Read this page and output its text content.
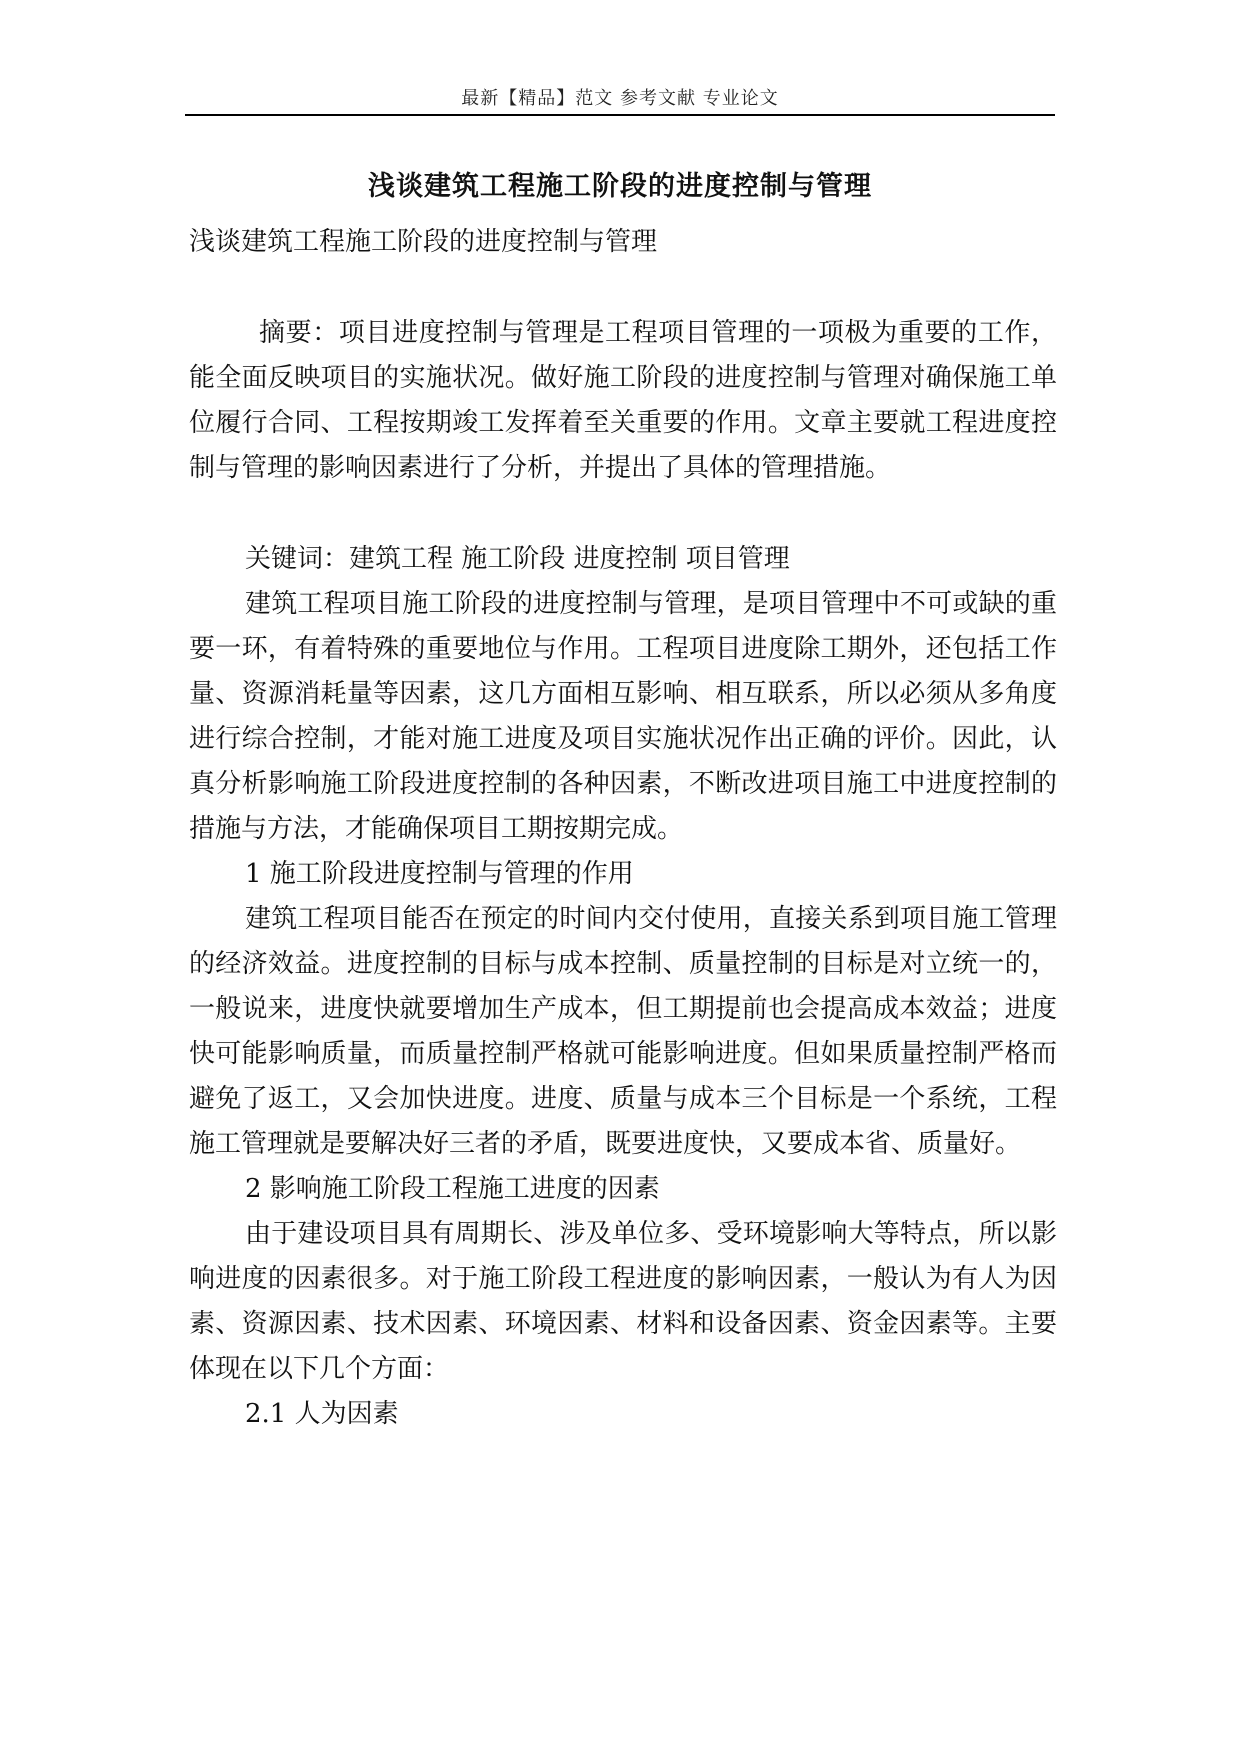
最新【精品】范文 参考文献 专业论文
浅谈建筑工程施工阶段的进度控制与管理

浅谈建筑工程施工阶段的进度控制与管理

摘要：项目进度控制与管理是工程项目管理的一项极为重要的工作，能全面反映项目的实施状况。做好施工阶段的进度控制与管理对确保施工单位履行合同、工程按期竣工发挥着至关重要的作用。文章主要就工程进度控制与管理的影响因素进行了分析，并提出了具体的管理措施。

关键词：建筑工程 施工阶段 进度控制 项目管理

建筑工程项目施工阶段的进度控制与管理，是项目管理中不可或缺的重要一环，有着特殊的重要地位与作用。工程项目进度除工期外，还包括工作量、资源消耗量等因素，这几方面相互影响、相互联系，所以必须从多角度进行综合控制，才能对施工进度及项目实施状况作出正确的评价。因此，认真分析影响施工阶段进度控制的各种因素，不断改进项目施工中进度控制的措施与方法，才能确保项目工期按期完成。

1 施工阶段进度控制与管理的作用

建筑工程项目能否在预定的时间内交付使用，直接关系到项目施工管理的经济效益。进度控制的目标与成本控制、质量控制的目标是对立统一的，一般说来，进度快就要增加生产成本，但工期提前也会提高成本效益；进度快可能影响质量，而质量控制严格就可能影响进度。但如果质量控制严格而避免了返工，又会加快进度。进度、质量与成本三个目标是一个系统，工程施工管理就是要解决好三者的矛盾，既要进度快，又要成本省、质量好。

2 影响施工阶段工程施工进度的因素

由于建设项目具有周期长、涉及单位多、受环境影响大等特点，所以影响进度的因素很多。对于施工阶段工程进度的影响因素，一般认为有人为因素、资源因素、技术因素、环境因素、材料和设备因素、资金因素等。主要体现在以下几个方面：

2.1 人为因素
